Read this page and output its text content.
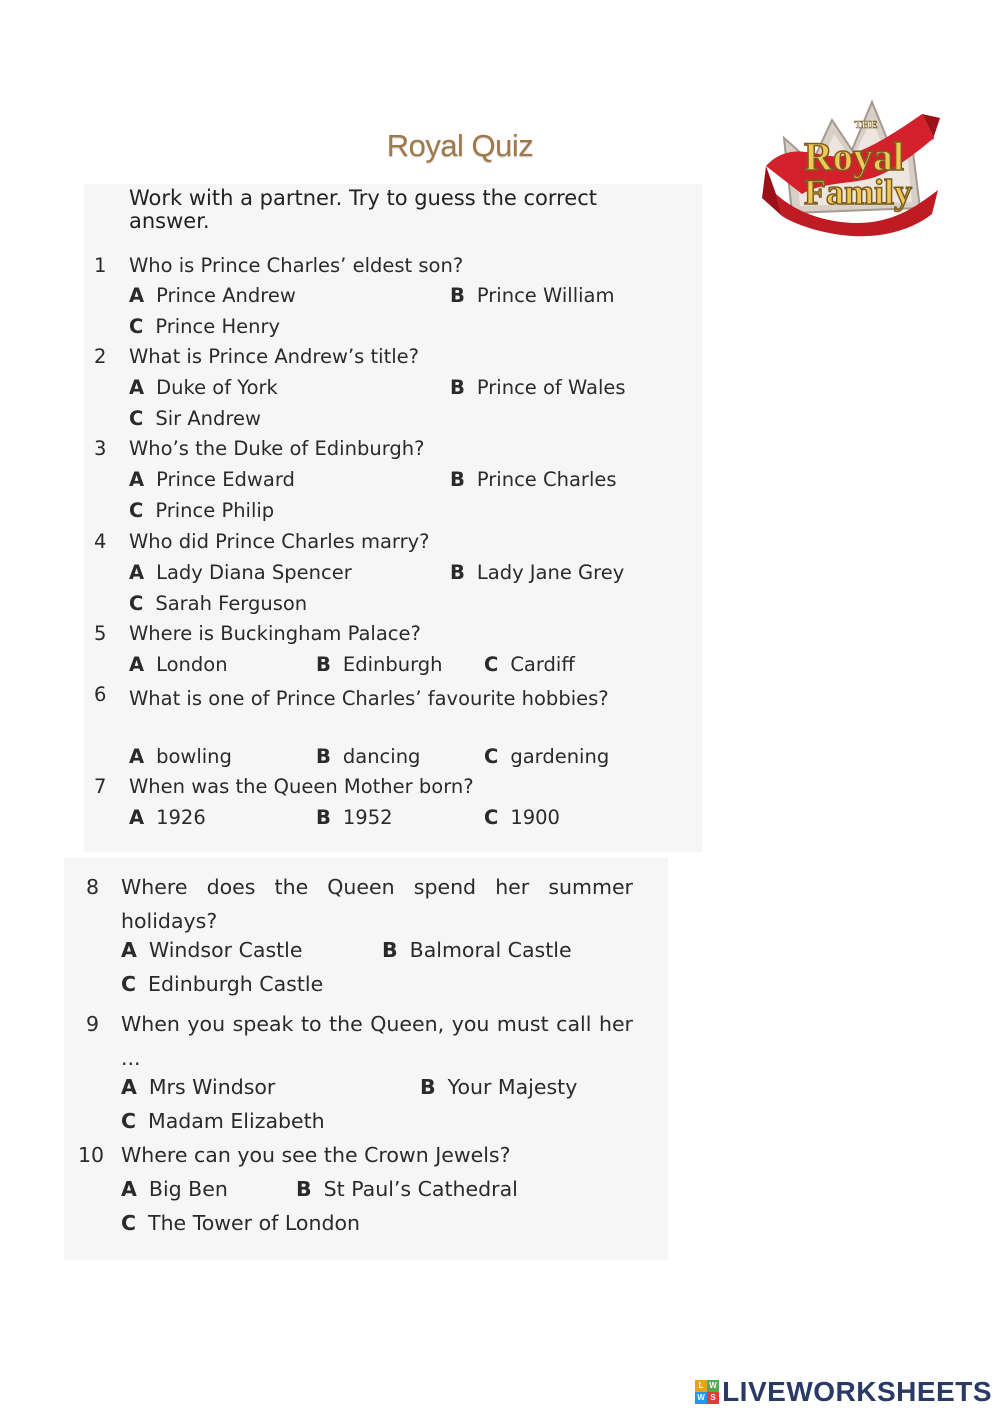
Royal Quiz
THE
Royal
Family
Work with a partner. Try to guess the correct answer.
1 Who is Prince Charles’ eldest son?
A Prince Andrew	B Prince William
C Prince Henry
2 What is Prince Andrew’s title?
A Duke of York	B Prince of Wales
C Sir Andrew
3 Who’s the Duke of Edinburgh?
A Prince Edward	B Prince Charles
C Prince Philip
4 Who did Prince Charles marry?
A Lady Diana Spencer	B Lady Jane Grey
C Sarah Ferguson
5 Where is Buckingham Palace?
A London	B Edinburgh C Cardiff
6 What is one of Prince Charles’ favourite hobbies?
A bowling	B dancing	C gardening
7 When was the Queen Mother born?
A 1926	B 1952	C 1900
8 Where does the Queen spend her summer holidays?
A Windsor Castle	B Balmoral Castle
C Edinburgh Castle
9 When you speak to the Queen, you must call her ...
A Mrs Windsor	B Your Majesty
C Madam Elizabeth
10 Where can you see the Crown Jewels?
A Big Ben	B St Paul’s Cathedral
C The Tower of London
L W
W S LIVEWORKSHEETS
